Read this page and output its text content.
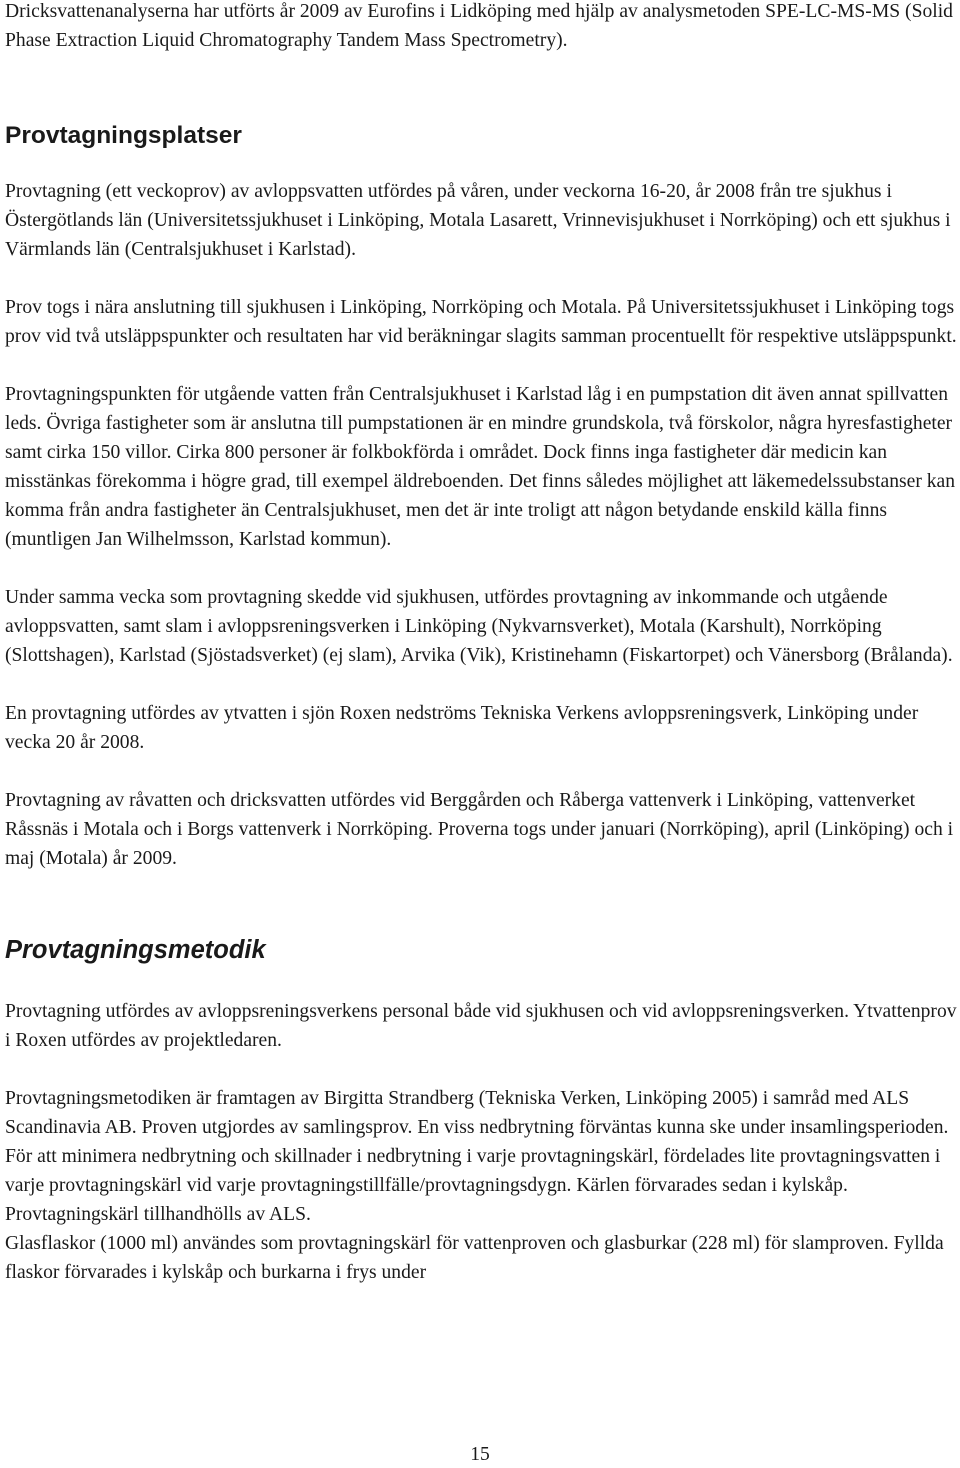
Dricksvattenanalyserna har utförts år 2009 av Eurofins i Lidköping med hjälp av analysmetoden SPE-LC-MS-MS (Solid Phase Extraction Liquid Chromatography Tandem Mass Spectrometry).

Provtagningsplatser

Provtagning (ett veckoprov) av avloppsvatten utfördes på våren, under veckorna 16-20, år 2008 från tre sjukhus i Östergötlands län (Universitetssjukhuset i Linköping, Motala Lasarett, Vrinnevisjukhuset i Norrköping) och ett sjukhus i Värmlands län (Centralsjukhuset i Karlstad).

Prov togs i nära anslutning till sjukhusen i Linköping, Norrköping och Motala. På Universitetssjukhuset i Linköping togs prov vid två utsläppspunkter och resultaten har vid beräkningar slagits samman procentuellt för respektive utsläppspunkt.

Provtagningspunkten för utgående vatten från Centralsjukhuset i Karlstad låg i en pumpstation dit även annat spillvatten leds. Övriga fastigheter som är anslutna till pumpstationen är en mindre grundskola, två förskolor, några hyresfastigheter samt cirka 150 villor. Cirka 800 personer är folkbokförda i området. Dock finns inga fastigheter där medicin kan misstänkas förekomma i högre grad, till exempel äldreboenden. Det finns således möjlighet att läkemedelssubstanser kan komma från andra fastigheter än Centralsjukhuset, men det är inte troligt att någon betydande enskild källa finns (muntligen Jan Wilhelmsson, Karlstad kommun).

Under samma vecka som provtagning skedde vid sjukhusen, utfördes provtagning av inkommande och utgående avloppsvatten, samt slam i avloppsreningsverken i Linköping (Nykvarnsverket), Motala (Karshult), Norrköping (Slottshagen), Karlstad (Sjöstadsverket) (ej slam), Arvika (Vik), Kristinehamn (Fiskartorpet) och Vänersborg (Brålanda).

En provtagning utfördes av ytvatten i sjön Roxen nedströms Tekniska Verkens avloppsreningsverk, Linköping under vecka 20 år 2008.

Provtagning av råvatten och dricksvatten utfördes vid Berggården och Råberga vattenverk i Linköping, vattenverket Råssnäs i Motala och i Borgs vattenverk i Norrköping. Proverna togs under januari (Norrköping), april (Linköping) och i maj (Motala) år 2009.

Provtagningsmetodik

Provtagning utfördes av avloppsreningsverkens personal både vid sjukhusen och vid avloppsreningsverken. Ytvattenprov i Roxen utfördes av projektledaren.

Provtagningsmetodiken är framtagen av Birgitta Strandberg (Tekniska Verken, Linköping 2005) i samråd med ALS Scandinavia AB. Proven utgjordes av samlingsprov. En viss nedbrytning förväntas kunna ske under insamlingsperioden. För att minimera nedbrytning och skillnader i nedbrytning i varje provtagningskärl, fördelades lite provtagningsvatten i varje provtagningskärl vid varje provtagningstillfälle/provtagningsdygn. Kärlen förvarades sedan i kylskåp. Provtagningskärl tillhandhölls av ALS.

Glasflaskor (1000 ml) användes som provtagningskärl för vattenproven och glasburkar (228 ml) för slamproven. Fyllda flaskor förvarades i kylskåp och burkarna i frys under

15
